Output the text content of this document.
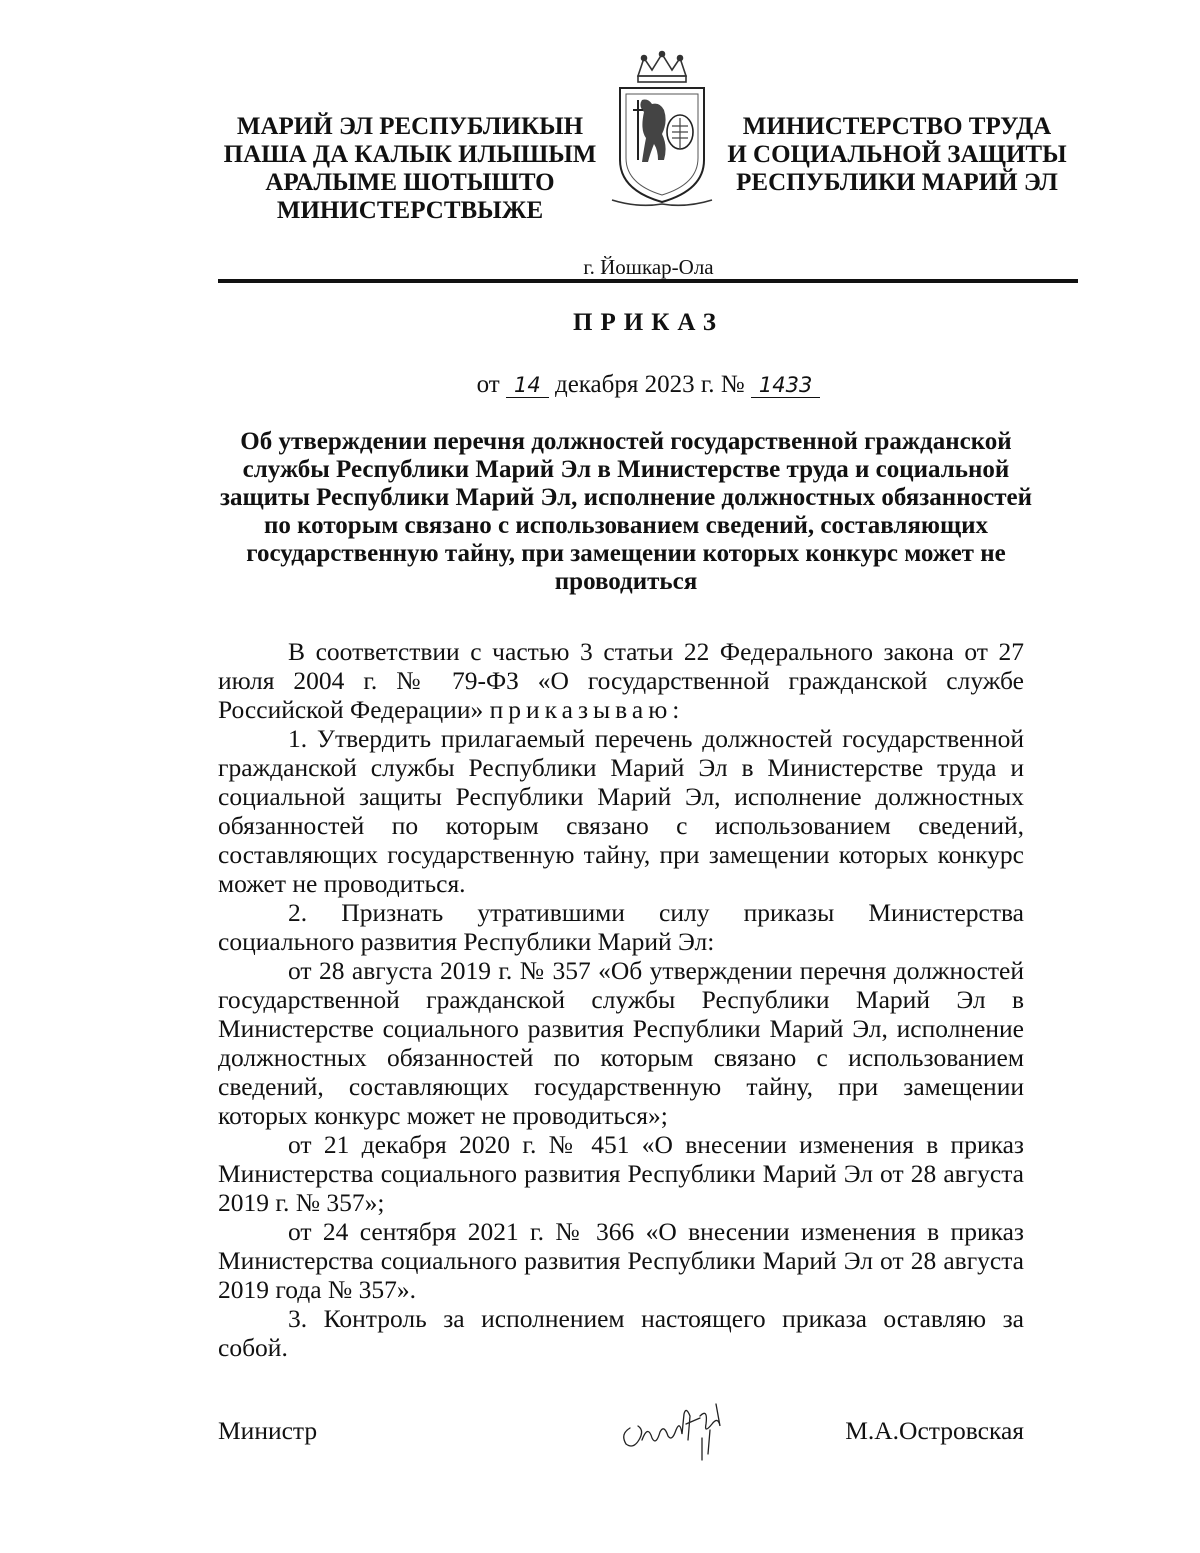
МАРИЙ ЭЛ РЕСПУБЛИКЫН
ПАША ДА КАЛЫК ИЛЫШЫМ
АРАЛЫМЕ ШОТЫШТО
МИНИСТЕРСТВЫЖЕ
МИНИСТЕРСТВО ТРУДА
И СОЦИАЛЬНОЙ ЗАЩИТЫ
РЕСПУБЛИКИ МАРИЙ ЭЛ
г. Йошкар-Ола
ПРИКАЗ
от 14 декабря 2023 г. № 1433
Об утверждении перечня должностей государственной гражданской службы Республики Марий Эл в Министерстве труда и социальной защиты Республики Марий Эл, исполнение должностных обязанностей по которым связано с использованием сведений, составляющих государственную тайну, при замещении которых конкурс может не проводиться

В соответствии с частью 3 статьи 22 Федерального закона от 27 июля 2004 г. № 79-ФЗ «О государственной гражданской службе Российской Федерации» приказываю:

1. Утвердить прилагаемый перечень должностей государственной гражданской службы Республики Марий Эл в Министерстве труда и социальной защиты Республики Марий Эл, исполнение должностных обязанностей по которым связано с использованием сведений, составляющих государственную тайну, при замещении которых конкурс может не проводиться.

2. Признать утратившими силу приказы Министерства социального развития Республики Марий Эл:

от 28 августа 2019 г. № 357 «Об утверждении перечня должностей государственной гражданской службы Республики Марий Эл в Министерстве социального развития Республики Марий Эл, исполнение должностных обязанностей по которым связано с использованием сведений, составляющих государственную тайну, при замещении которых конкурс может не проводиться»;

от 21 декабря 2020 г. № 451 «О внесении изменения в приказ Министерства социального развития Республики Марий Эл от 28 августа 2019 г. № 357»;

от 24 сентября 2021 г. № 366 «О внесении изменения в приказ Министерства социального развития Республики Марий Эл от 28 августа 2019 года № 357».

3. Контроль за исполнением настоящего приказа оставляю за собой.

Министр	М.А.Островская
